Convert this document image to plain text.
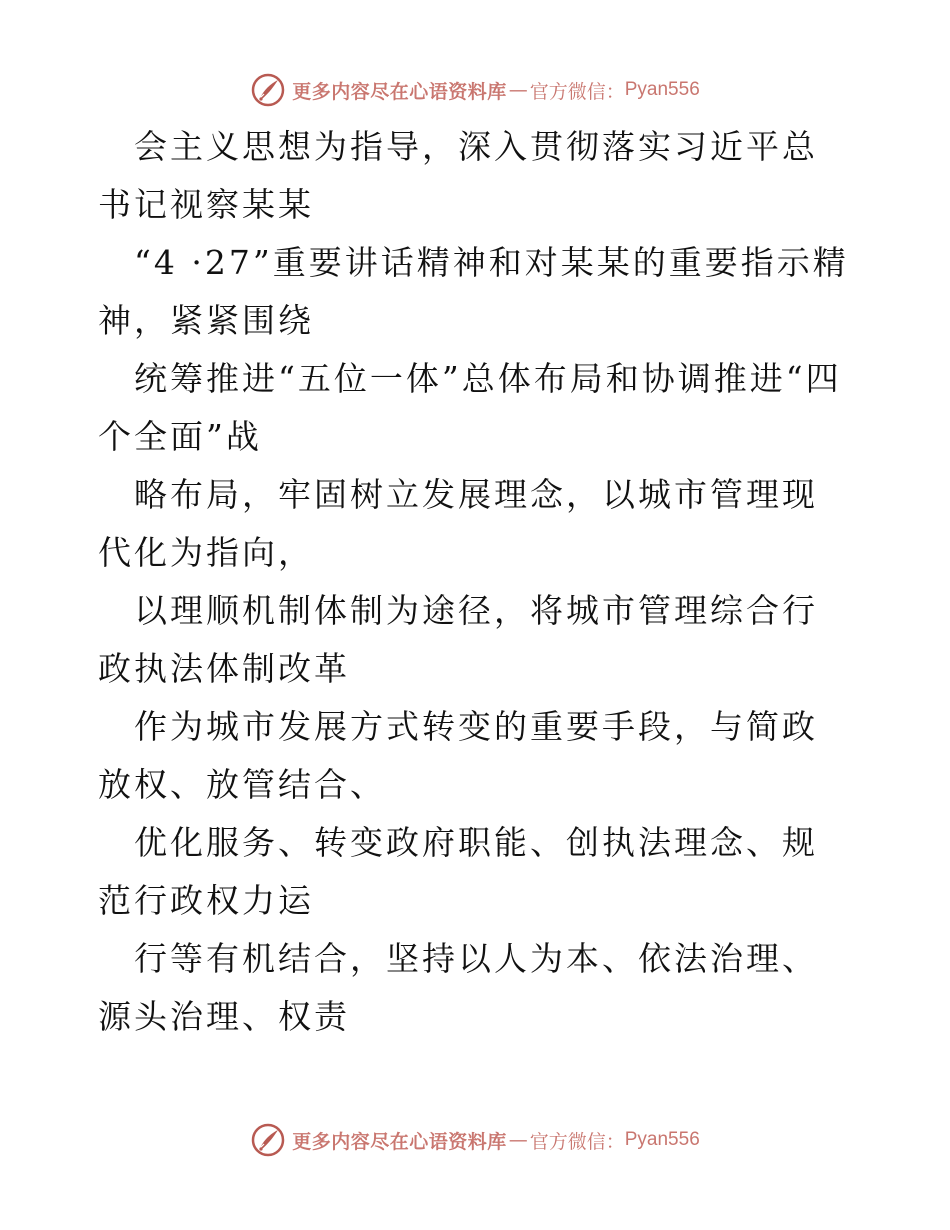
更多内容尽在心语资料库 — 官方微信： Pyan556

会主义思想为指导，深入贯彻落实习近平总书记视察某某

“4 ·27”重要讲话精神和对某某的重要指示精神，紧紧围绕

统筹推进“五位一体”总体布局和协调推进“四个全面”战

略布局，牢固树立发展理念，以城市管理现代化为指向，

以理顺机制体制为途径，将城市管理综合行政执法体制改革

作为城市发展方式转变的重要手段，与简政放权、放管结合、

优化服务、转变政府职能、创执法理念、规范行政权力运

行等有机结合，坚持以人为本、依法治理、源头治理、权责

更多内容尽在心语资料库 — 官方微信： Pyan556
